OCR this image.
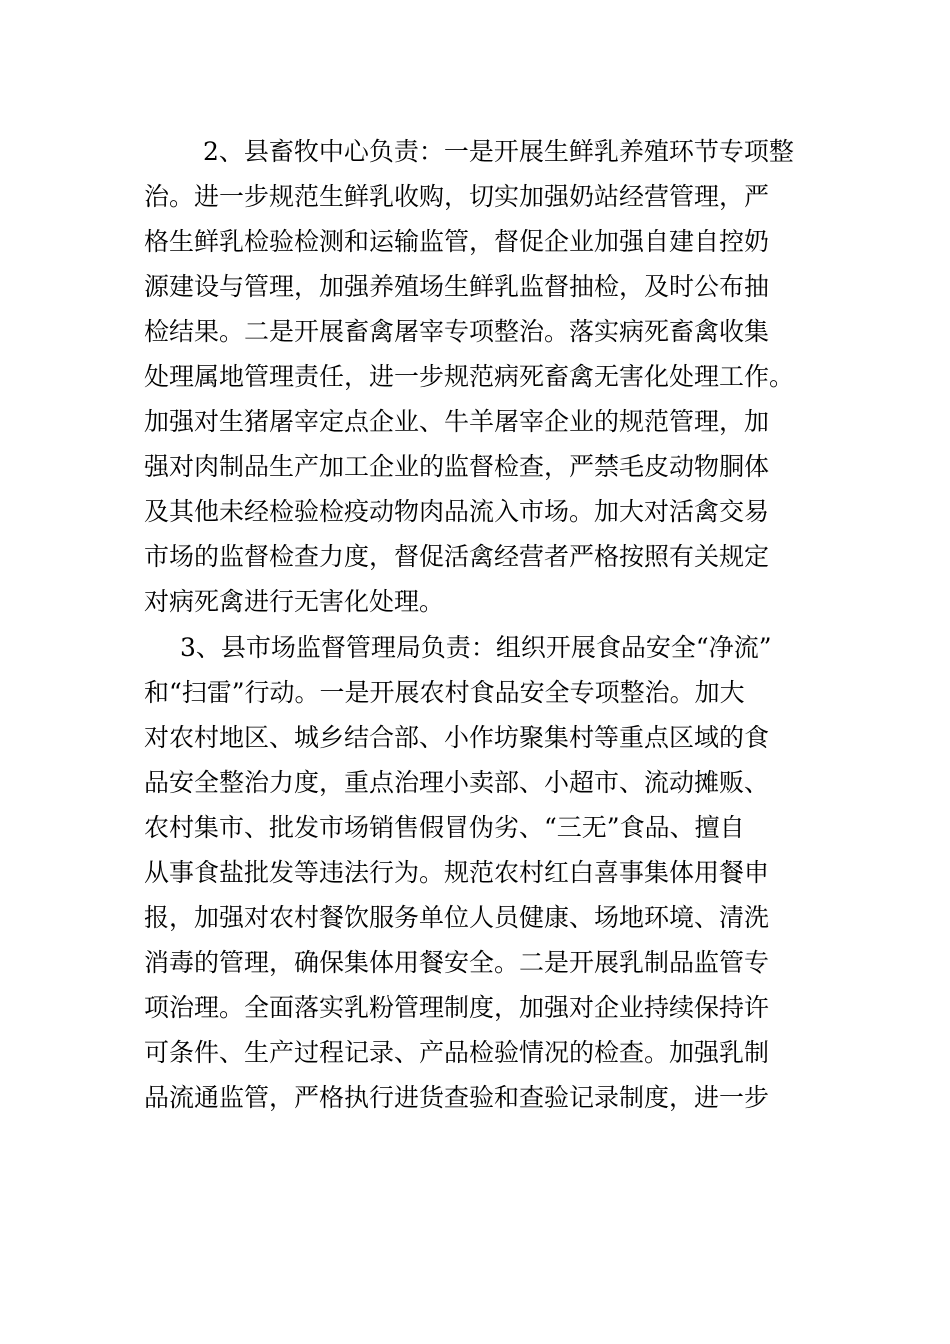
2、县畜牧中心负责：一是开展生鲜乳养殖环节专项整
治。进一步规范生鲜乳收购，切实加强奶站经营管理，严
格生鲜乳检验检测和运输监管，督促企业加强自建自控奶
源建设与管理，加强养殖场生鲜乳监督抽检，及时公布抽
检结果。二是开展畜禽屠宰专项整治。落实病死畜禽收集
处理属地管理责任，进一步规范病死畜禽无害化处理工作。
加强对生猪屠宰定点企业、牛羊屠宰企业的规范管理，加
强对肉制品生产加工企业的监督检查，严禁毛皮动物胴体
及其他未经检验检疫动物肉品流入市场。加大对活禽交易
市场的监督检查力度，督促活禽经营者严格按照有关规定
对病死禽进行无害化处理。
3、县市场监督管理局负责：组织开展食品安全“净流”
和“扫雷”行动。一是开展农村食品安全专项整治。加大
对农村地区、城乡结合部、小作坊聚集村等重点区域的食
品安全整治力度，重点治理小卖部、小超市、流动摊贩、
农村集市、批发市场销售假冒伪劣、“三无”食品、擅自
从事食盐批发等违法行为。规范农村红白喜事集体用餐申
报，加强对农村餐饮服务单位人员健康、场地环境、清洗
消毒的管理，确保集体用餐安全。二是开展乳制品监管专
项治理。全面落实乳粉管理制度，加强对企业持续保持许
可条件、生产过程记录、产品检验情况的检查。加强乳制
品流通监管，严格执行进货查验和查验记录制度，进一步
